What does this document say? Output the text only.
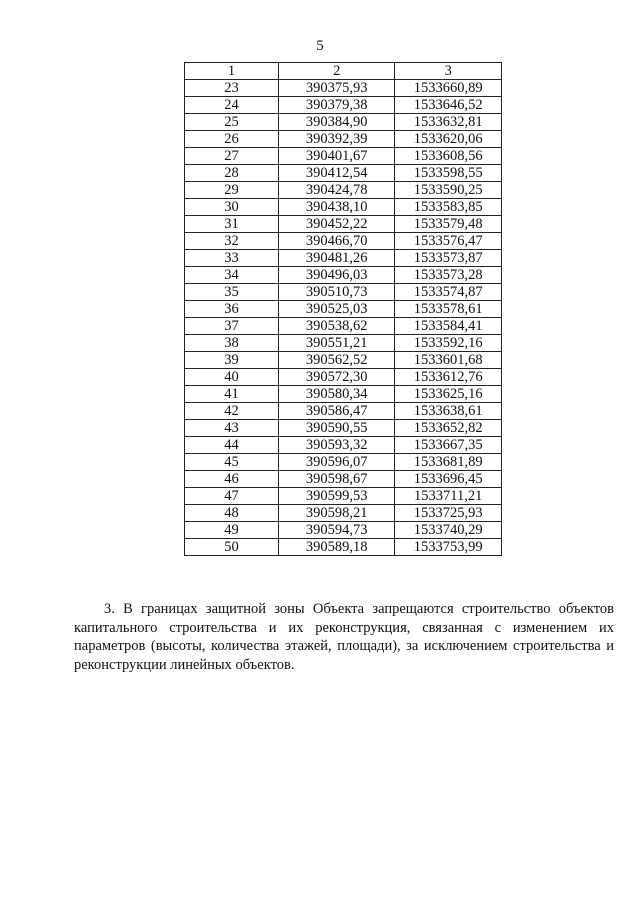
5
1	2	3
23	390375,93	1533660,89
24	390379,38	1533646,52
25	390384,90	1533632,81
26	390392,39	1533620,06
27	390401,67	1533608,56
28	390412,54	1533598,55
29	390424,78	1533590,25
30	390438,10	1533583,85
31	390452,22	1533579,48
32	390466,70	1533576,47
33	390481,26	1533573,87
34	390496,03	1533573,28
35	390510,73	1533574,87
36	390525,03	1533578,61
37	390538,62	1533584,41
38	390551,21	1533592,16
39	390562,52	1533601,68
40	390572,30	1533612,76
41	390580,34	1533625,16
42	390586,47	1533638,61
43	390590,55	1533652,82
44	390593,32	1533667,35
45	390596,07	1533681,89
46	390598,67	1533696,45
47	390599,53	1533711,21
48	390598,21	1533725,93
49	390594,73	1533740,29
50	390589,18	1533753,99

3. В границах защитной зоны Объекта запрещаются строительство объектов капитального строительства и их реконструкция, связанная с изменением их параметров (высоты, количества этажей, площади), за исключением строительства и реконструкции линейных объектов.
